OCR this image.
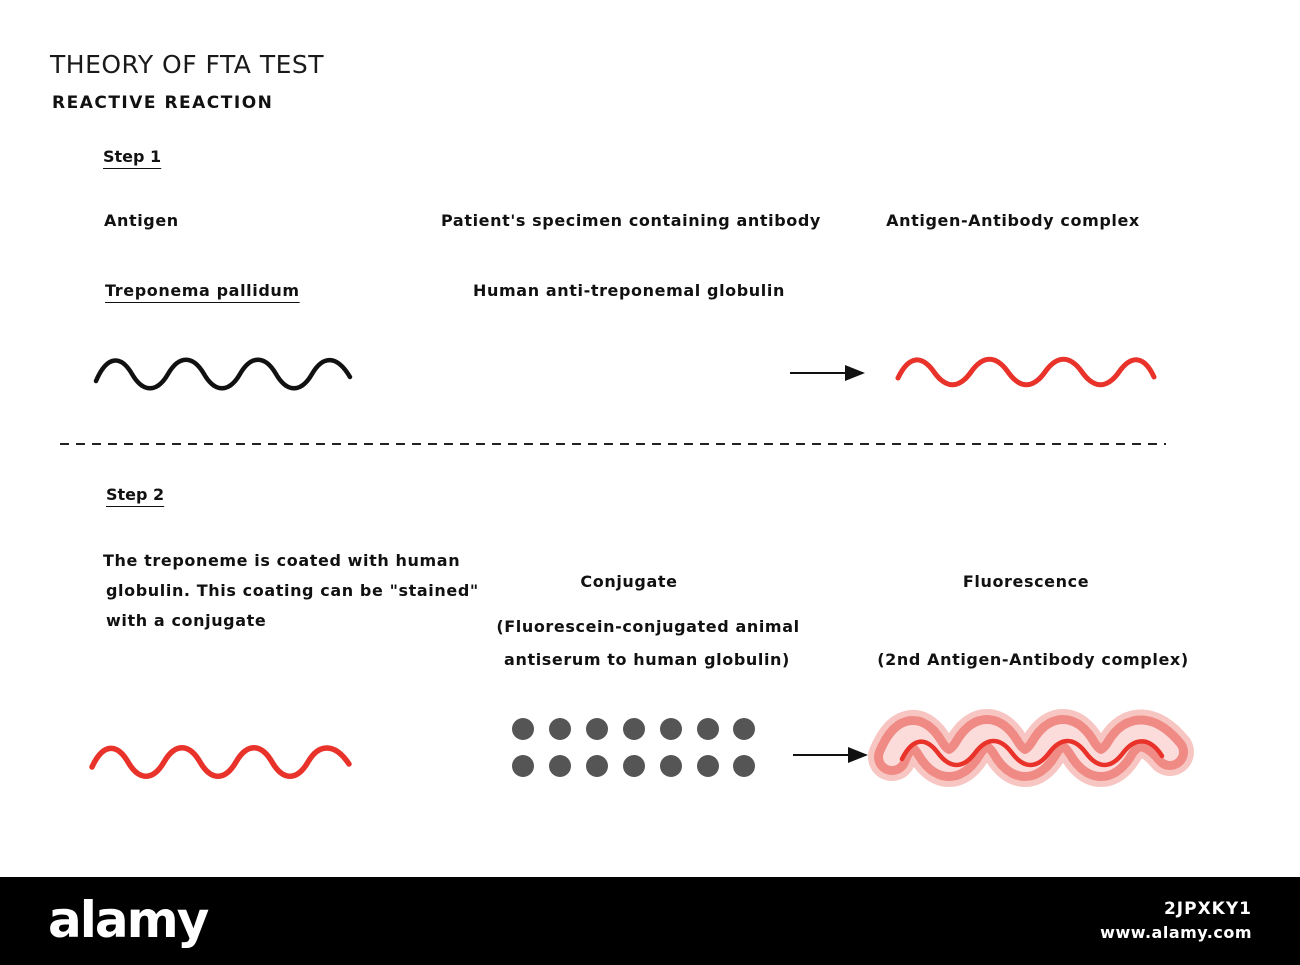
THEORY OF FTA TEST
REACTIVE REACTION
Step 1
Antigen
Treponema pallidum
Patient's specimen containing antibody
Human anti-treponemal globulin
Antigen-Antibody complex
Step 2
The treponeme is coated with human
globulin. This coating can be "stained"
with a conjugate
Conjugate
(Fluorescein-conjugated animal
antiserum to human globulin)
Fluorescence
(2nd Antigen-Antibody complex)
alamy	2JPXKY1
www.alamy.com
